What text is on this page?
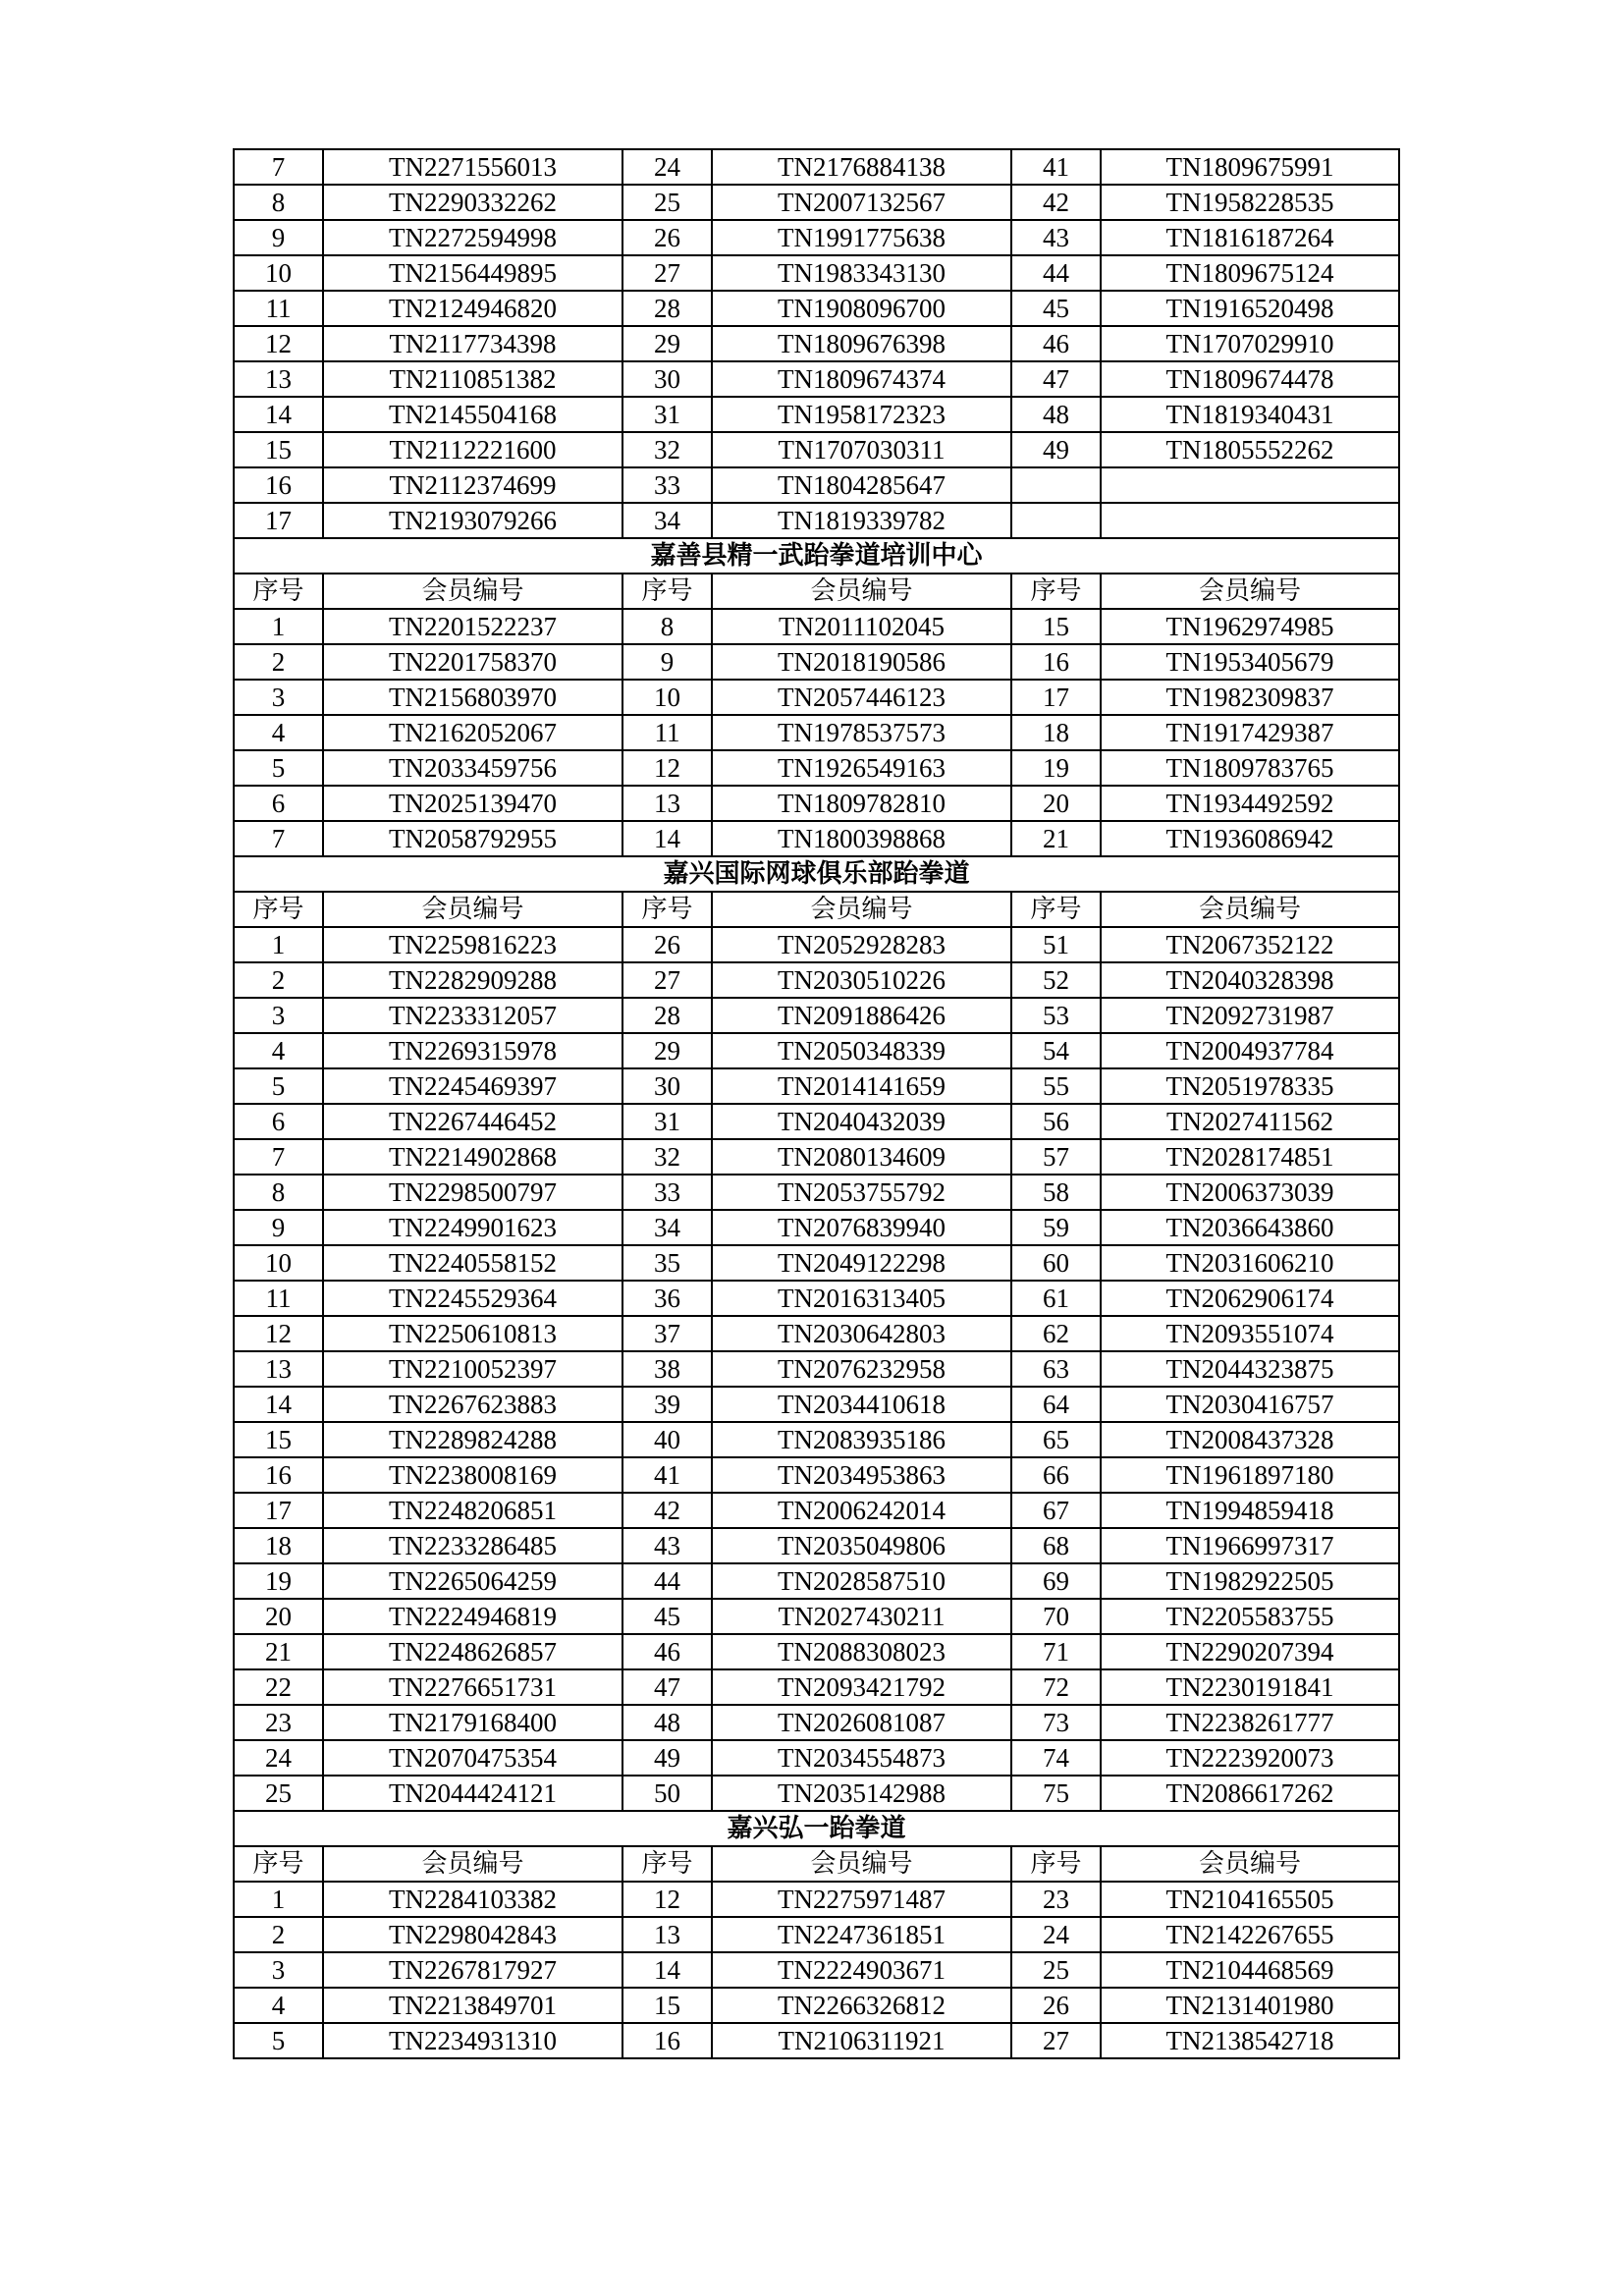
7	TN2271556013	24	TN2176884138	41	TN1809675991
8	TN2290332262	25	TN2007132567	42	TN1958228535
9	TN2272594998	26	TN1991775638	43	TN1816187264
10	TN2156449895	27	TN1983343130	44	TN1809675124
11	TN2124946820	28	TN1908096700	45	TN1916520498
12	TN2117734398	29	TN1809676398	46	TN1707029910
13	TN2110851382	30	TN1809674374	47	TN1809674478
14	TN2145504168	31	TN1958172323	48	TN1819340431
15	TN2112221600	32	TN1707030311	49	TN1805552262
16	TN2112374699	33	TN1804285647		
17	TN2193079266	34	TN1819339782		
嘉善县精一武跆拳道培训中心					
序号	会员编号	序号	会员编号	序号	会员编号
1	TN2201522237	8	TN2011102045	15	TN1962974985
2	TN2201758370	9	TN2018190586	16	TN1953405679
3	TN2156803970	10	TN2057446123	17	TN1982309837
4	TN2162052067	11	TN1978537573	18	TN1917429387
5	TN2033459756	12	TN1926549163	19	TN1809783765
6	TN2025139470	13	TN1809782810	20	TN1934492592
7	TN2058792955	14	TN1800398868	21	TN1936086942
嘉兴国际网球俱乐部跆拳道					
序号	会员编号	序号	会员编号	序号	会员编号
1	TN2259816223	26	TN2052928283	51	TN2067352122
2	TN2282909288	27	TN2030510226	52	TN2040328398
3	TN2233312057	28	TN2091886426	53	TN2092731987
4	TN2269315978	29	TN2050348339	54	TN2004937784
5	TN2245469397	30	TN2014141659	55	TN2051978335
6	TN2267446452	31	TN2040432039	56	TN2027411562
7	TN2214902868	32	TN2080134609	57	TN2028174851
8	TN2298500797	33	TN2053755792	58	TN2006373039
9	TN2249901623	34	TN2076839940	59	TN2036643860
10	TN2240558152	35	TN2049122298	60	TN2031606210
11	TN2245529364	36	TN2016313405	61	TN2062906174
12	TN2250610813	37	TN2030642803	62	TN2093551074
13	TN2210052397	38	TN2076232958	63	TN2044323875
14	TN2267623883	39	TN2034410618	64	TN2030416757
15	TN2289824288	40	TN2083935186	65	TN2008437328
16	TN2238008169	41	TN2034953863	66	TN1961897180
17	TN2248206851	42	TN2006242014	67	TN1994859418
18	TN2233286485	43	TN2035049806	68	TN1966997317
19	TN2265064259	44	TN2028587510	69	TN1982922505
20	TN2224946819	45	TN2027430211	70	TN2205583755
21	TN2248626857	46	TN2088308023	71	TN2290207394
22	TN2276651731	47	TN2093421792	72	TN2230191841
23	TN2179168400	48	TN2026081087	73	TN2238261777
24	TN2070475354	49	TN2034554873	74	TN2223920073
25	TN2044424121	50	TN2035142988	75	TN2086617262
嘉兴弘一跆拳道					
序号	会员编号	序号	会员编号	序号	会员编号
1	TN2284103382	12	TN2275971487	23	TN2104165505
2	TN2298042843	13	TN2247361851	24	TN2142267655
3	TN2267817927	14	TN2224903671	25	TN2104468569
4	TN2213849701	15	TN2266326812	26	TN2131401980
5	TN2234931310	16	TN2106311921	27	TN2138542718
